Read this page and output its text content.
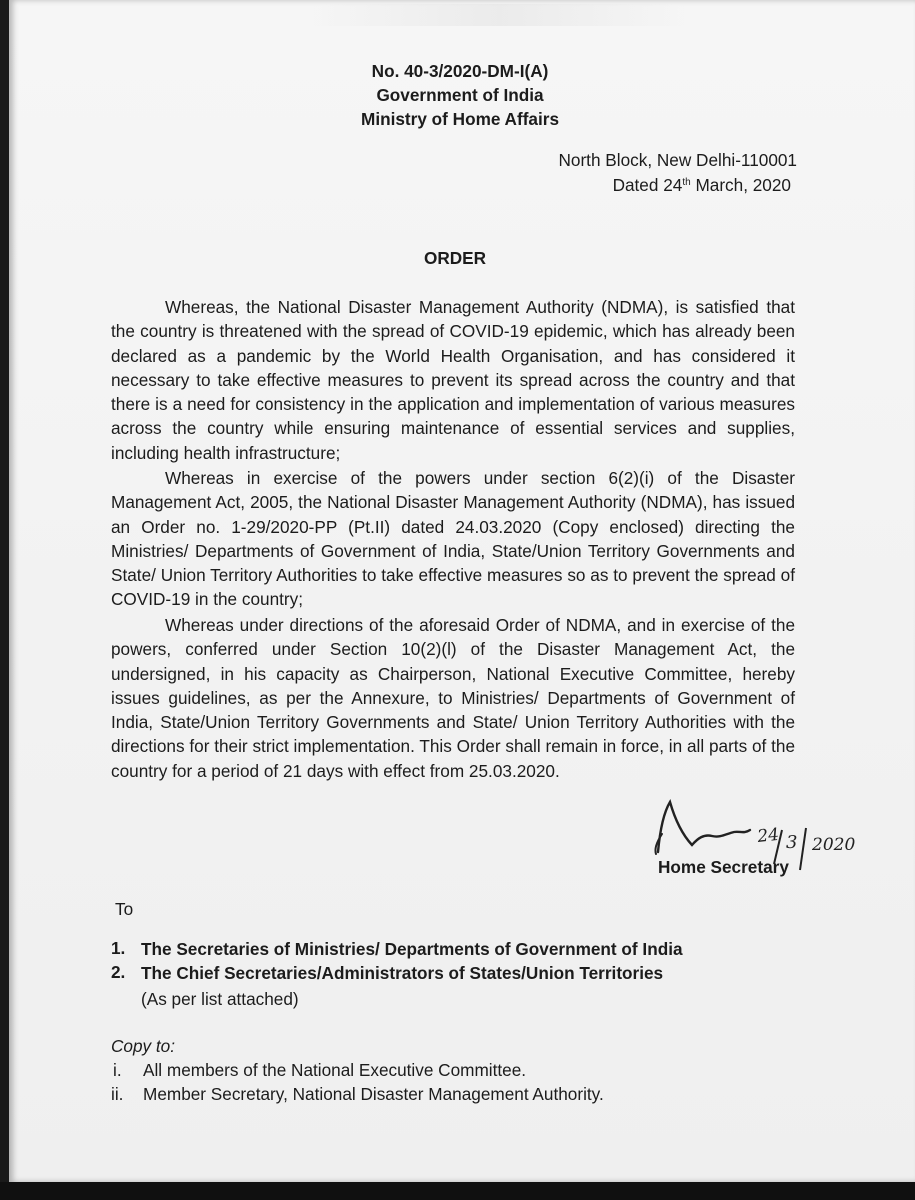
No. 40-3/2020-DM-I(A)
Government of India
Ministry of Home Affairs
North Block, New Delhi-110001
Dated 24th March, 2020
ORDER
Whereas, the National Disaster Management Authority (NDMA), is satisfied that the country is threatened with the spread of COVID-19 epidemic, which has already been declared as a pandemic by the World Health Organisation, and has considered it necessary to take effective measures to prevent its spread across the country and that there is a need for consistency in the application and implementation of various measures across the country while ensuring maintenance of essential services and supplies, including health infrastructure;
Whereas in exercise of the powers under section 6(2)(i) of the Disaster Management Act, 2005, the National Disaster Management Authority (NDMA), has issued an Order no. 1-29/2020-PP (Pt.II) dated 24.03.2020 (Copy enclosed) directing the Ministries/ Departments of Government of India, State/Union Territory Governments and State/ Union Territory Authorities to take effective measures so as to prevent the spread of COVID-19 in the country;
Whereas under directions of the aforesaid Order of NDMA, and in exercise of the powers, conferred under Section 10(2)(l) of the Disaster Management Act, the undersigned, in his capacity as Chairperson, National Executive Committee, hereby issues guidelines, as per the Annexure, to Ministries/ Departments of Government of India, State/Union Territory Governments and State/ Union Territory Authorities with the directions for their strict implementation. This Order shall remain in force, in all parts of the country for a period of 21 days with effect from 25.03.2020.
24 3 2020
Home Secretary
To
1. The Secretaries of Ministries/ Departments of Government of India
2. The Chief Secretaries/Administrators of States/Union Territories
(As per list attached)
Copy to:
i. All members of the National Executive Committee.
ii. Member Secretary, National Disaster Management Authority.
